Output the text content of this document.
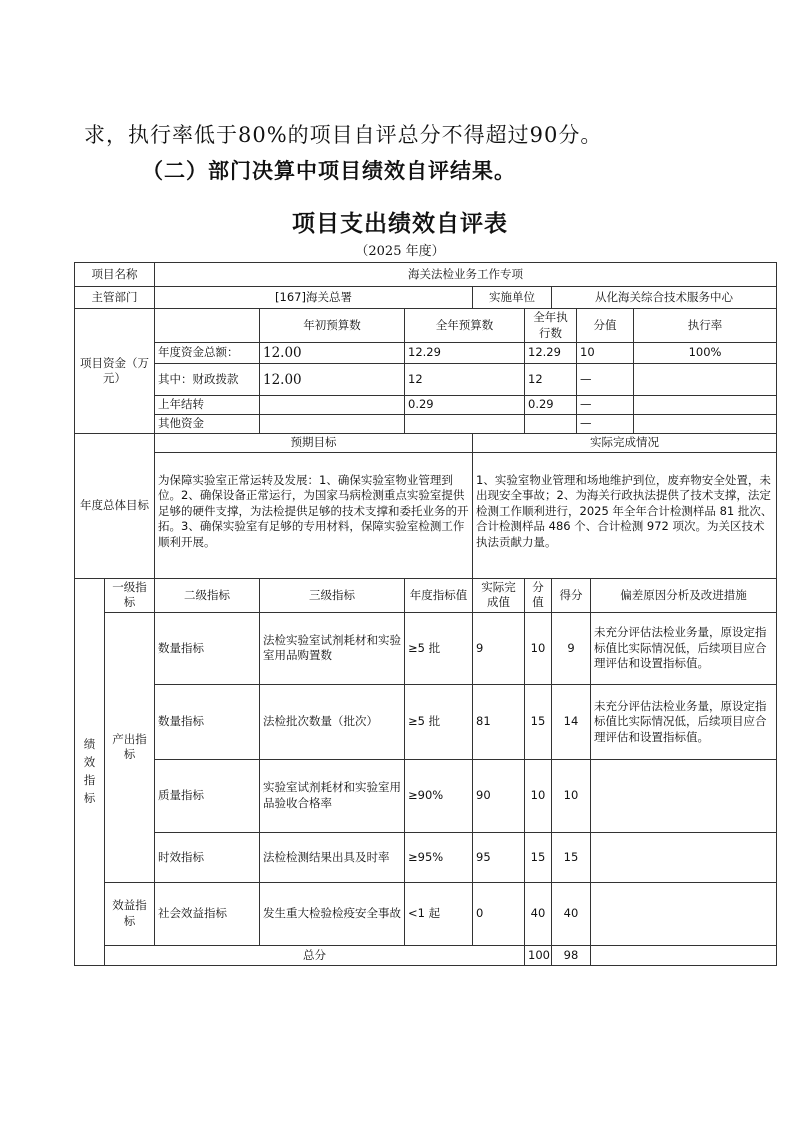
求，执行率低于80%的项目自评总分不得超过90分。
（二）部门决算中项目绩效自评结果。
项目支出绩效自评表
（2025 年度）
项目名称		海关法检业务工作专项									
主管部门		[167]海关总署			实施单位		从化海关综合技术服务中心				
项目资金（万元）			年初预算数	全年预算数		全年执行数		分值		执行率	
		年度资金总额：	12.00	12.29		12.29		10		100%	
		其中：财政拨款	12.00	12		12		—		
		上年结转		0.29		0.29		—		
		其他资金						—		
年度总体目标		预期目标			实际完成情况						
		为保障实验室正常运转及发展：1、确保实验室物业管理到位。2、确保设备正常运行，为国家马病检测重点实验室提供足够的硬件支撑，为法检提供足够的技术支撑和委托业务的开拓。3、确保实验室有足够的专用材料，保障实验室检测工作顺利开展。			1、实验室物业管理和场地维护到位，废弃物安全处置，未出现安全事故；2、为海关行政执法提供了技术支撑，法定检测工作顺利进行，2025 年全年合计检测样品 81 批次、合计检测样品 486 个、合计检测 972 项次。为关区技术执法贡献力量。						
绩效指标	一级指标	二级指标	三级指标	年度指标值	实际完成值	分值	得分		偏差原因分析及改进措施		
	产出指标	数量指标	法检实验室试剂耗材和实验室用品购置数	≥5 批	9	10	9		未充分评估法检业务量，原设定指标值比实际情况低，后续项目应合理评估和设置指标值。		
		数量指标	法检批次数量（批次）	≥5 批	81	15	14		未充分评估法检业务量，原设定指标值比实际情况低，后续项目应合理评估和设置指标值。		
		质量指标	实验室试剂耗材和实验室用品验收合格率	≥90%	90	10	10				
		时效指标	法检检测结果出具及时率	≥95%	95	15	15				
	效益指标	社会效益指标	发生重大检验检疫安全事故	<1 起	0	40	40				
	总分					100	98				
